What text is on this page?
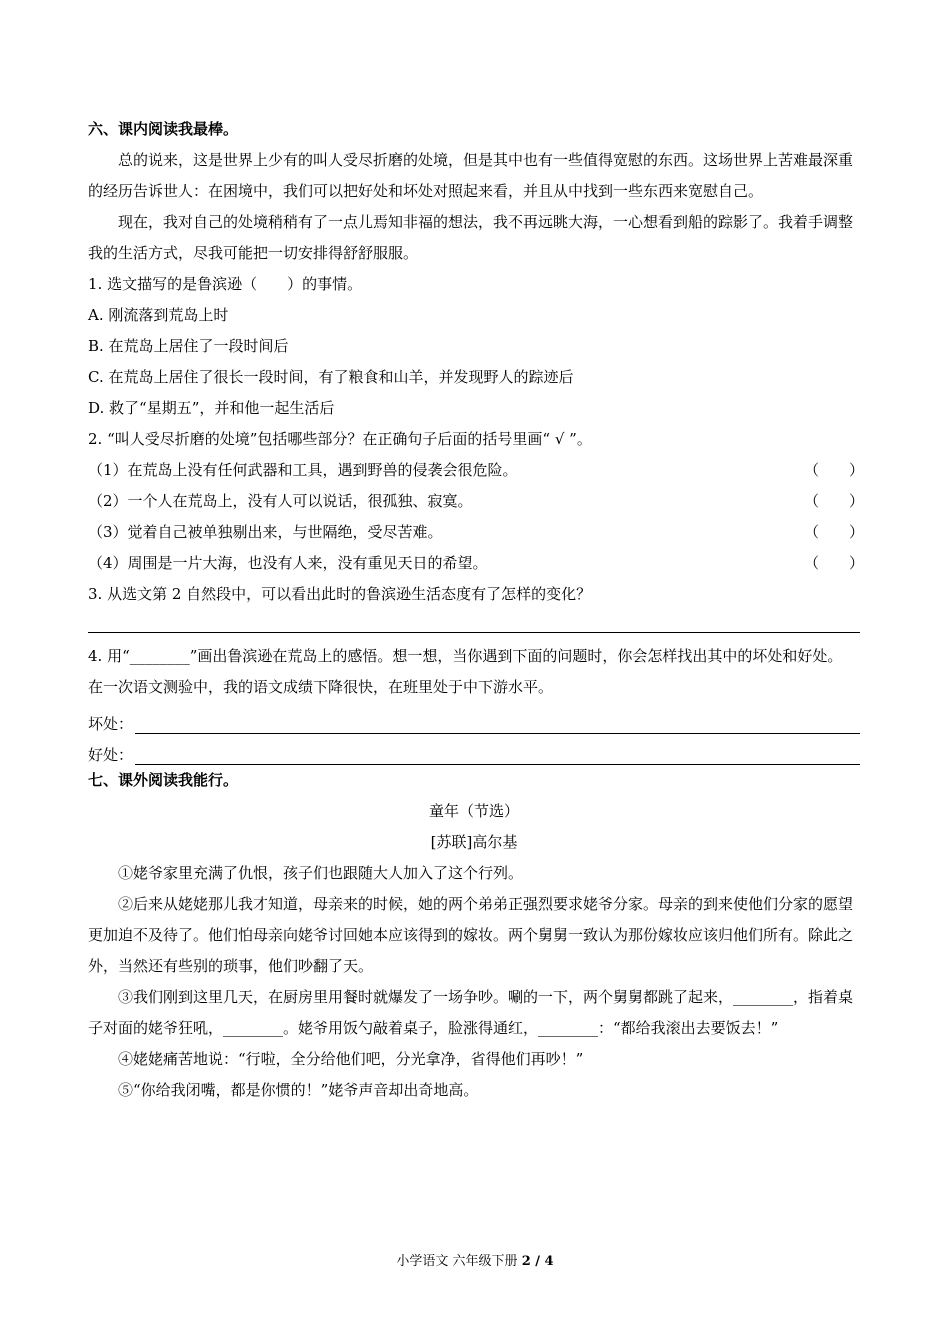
六、课内阅读我最棒。
总的说来，这是世界上少有的叫人受尽折磨的处境，但是其中也有一些值得宽慰的东西。这场世界上苦难最深重的经历告诉世人：在困境中，我们可以把好处和坏处对照起来看，并且从中找到一些东西来宽慰自己。
现在，我对自己的处境稍稍有了一点儿焉知非福的想法，我不再远眺大海，一心想看到船的踪影了。我着手调整我的生活方式，尽我可能把一切安排得舒舒服服。
1. 选文描写的是鲁滨逊（　　）的事情。
A. 刚流落到荒岛上时
B. 在荒岛上居住了一段时间后
C. 在荒岛上居住了很长一段时间，有了粮食和山羊，并发现野人的踪迹后
D. 救了“星期五”，并和他一起生活后
2. “叫人受尽折磨的处境”包括哪些部分？在正确句子后面的括号里画“ √ ”。
（1）在荒岛上没有任何武器和工具，遇到野兽的侵袭会很危险。	（　　）
（2）一个人在荒岛上，没有人可以说话，很孤独、寂寞。	（　　）
（3）觉着自己被单独剔出来，与世隔绝，受尽苦难。	（　　）
（4）周围是一片大海，也没有人来，没有重见天日的希望。	（　　）
3. 从选文第 2 自然段中，可以看出此时的鲁滨逊生活态度有了怎样的变化？
4. 用“________”画出鲁滨逊在荒岛上的感悟。想一想，当你遇到下面的问题时，你会怎样找出其中的坏处和好处。
在一次语文测验中，我的语文成绩下降很快，在班里处于中下游水平。
坏处：
好处：
七、课外阅读我能行。
童年（节选）
[苏联]高尔基
①姥爷家里充满了仇恨，孩子们也跟随大人加入了这个行列。
②后来从姥姥那儿我才知道，母亲来的时候，她的两个弟弟正强烈要求姥爷分家。母亲的到来使他们分家的愿望更加迫不及待了。他们怕母亲向姥爷讨回她本应该得到的嫁妆。两个舅舅一致认为那份嫁妆应该归他们所有。除此之外，当然还有些别的琐事，他们吵翻了天。
③我们刚到这里几天，在厨房里用餐时就爆发了一场争吵。唰的一下，两个舅舅都跳了起来，________，指着桌子对面的姥爷狂吼，________。姥爷用饭勺敲着桌子，脸涨得通红，________：“都给我滚出去要饭去！”
④姥姥痛苦地说：“行啦，全分给他们吧，分光拿净，省得他们再吵！”
⑤“你给我闭嘴，都是你惯的！”姥爷声音却出奇地高。
小学语文 六年级下册 2 / 4
